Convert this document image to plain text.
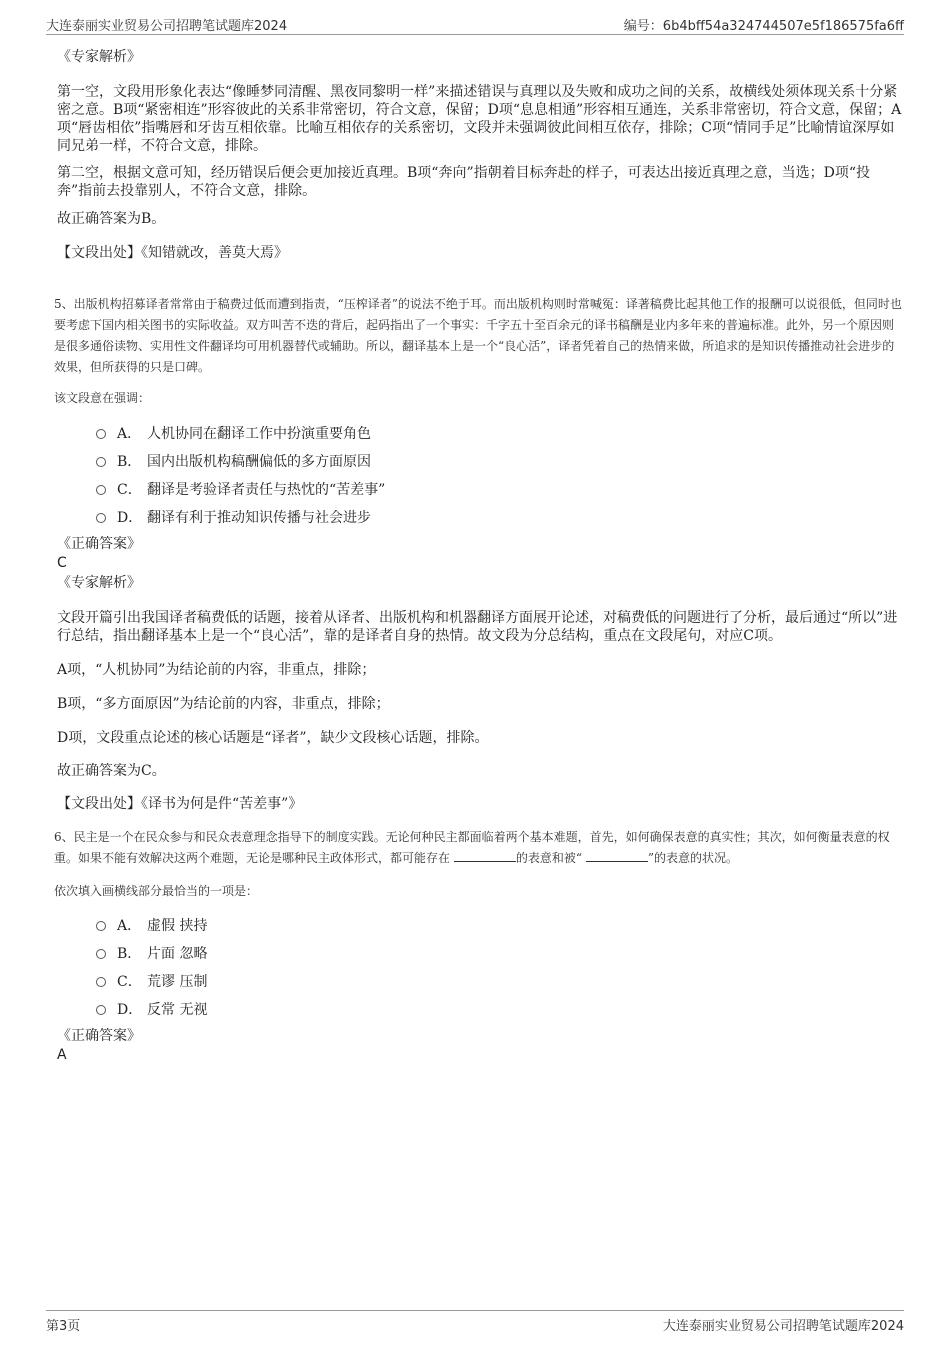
大连泰丽实业贸易公司招聘笔试题库2024	编号：6b4bff54a324744507e5f186575fa6ff

《专家解析》

第一空，文段用形象化表达“像睡梦同清醒、黑夜同黎明一样”来描述错误与真理以及失败和成功之间的关系，故横线处须体现关系十分紧密之意。B项“紧密相连”形容彼此的关系非常密切，符合文意，保留；D项“息息相通”形容相互通连，关系非常密切，符合文意，保留；A项“唇齿相依”指嘴唇和牙齿互相依靠。比喻互相依存的关系密切，文段并未强调彼此间相互依存，排除；C项“情同手足”比喻情谊深厚如同兄弟一样，不符合文意，排除。

第二空，根据文意可知，经历错误后便会更加接近真理。B项“奔向”指朝着目标奔赴的样子，可表达出接近真理之意，当选；D项“投奔”指前去投靠别人，不符合文意，排除。

故正确答案为B。

【文段出处】《知错就改，善莫大焉》

5、出版机构招募译者常常由于稿费过低而遭到指责，“压榨译者”的说法不绝于耳。而出版机构则时常喊冤：译著稿费比起其他工作的报酬可以说很低，但同时也要考虑下国内相关图书的实际收益。双方叫苦不迭的背后，起码指出了一个事实：千字五十至百余元的译书稿酬是业内多年来的普遍标准。此外，另一个原因则是很多通俗读物、实用性文件翻译均可用机器替代或辅助。所以，翻译基本上是一个“良心活”，译者凭着自己的热情来做，所追求的是知识传播推动社会进步的效果，但所获得的只是口碑。

该文段意在强调：

A． 人机协同在翻译工作中扮演重要角色
B． 国内出版机构稿酬偏低的多方面原因
C． 翻译是考验译者责任与热忱的“苦差事”
D． 翻译有利于推动知识传播与社会进步

《正确答案》

C

《专家解析》

文段开篇引出我国译者稿费低的话题，接着从译者、出版机构和机器翻译方面展开论述，对稿费低的问题进行了分析，最后通过“所以”进行总结，指出翻译基本上是一个“良心活”，靠的是译者自身的热情。故文段为分总结构，重点在文段尾句，对应C项。

A项，“人机协同”为结论前的内容，非重点，排除；

B项，“多方面原因”为结论前的内容，非重点，排除；

D项，文段重点论述的核心话题是“译者”，缺少文段核心话题，排除。

故正确答案为C。

【文段出处】《译书为何是件“苦差事”》

6、民主是一个在民众参与和民众表意理念指导下的制度实践。无论何种民主都面临着两个基本难题，首先，如何确保表意的真实性；其次，如何衡量表意的权重。如果不能有效解决这两个难题，无论是哪种民主政体形式，都可能存在	的表意和被“	”的表意的状况。

依次填入画横线部分最恰当的一项是：

A． 虚假 挟持
B． 片面 忽略
C． 荒谬 压制
D． 反常 无视

《正确答案》

A

第3页	大连泰丽实业贸易公司招聘笔试题库2024
